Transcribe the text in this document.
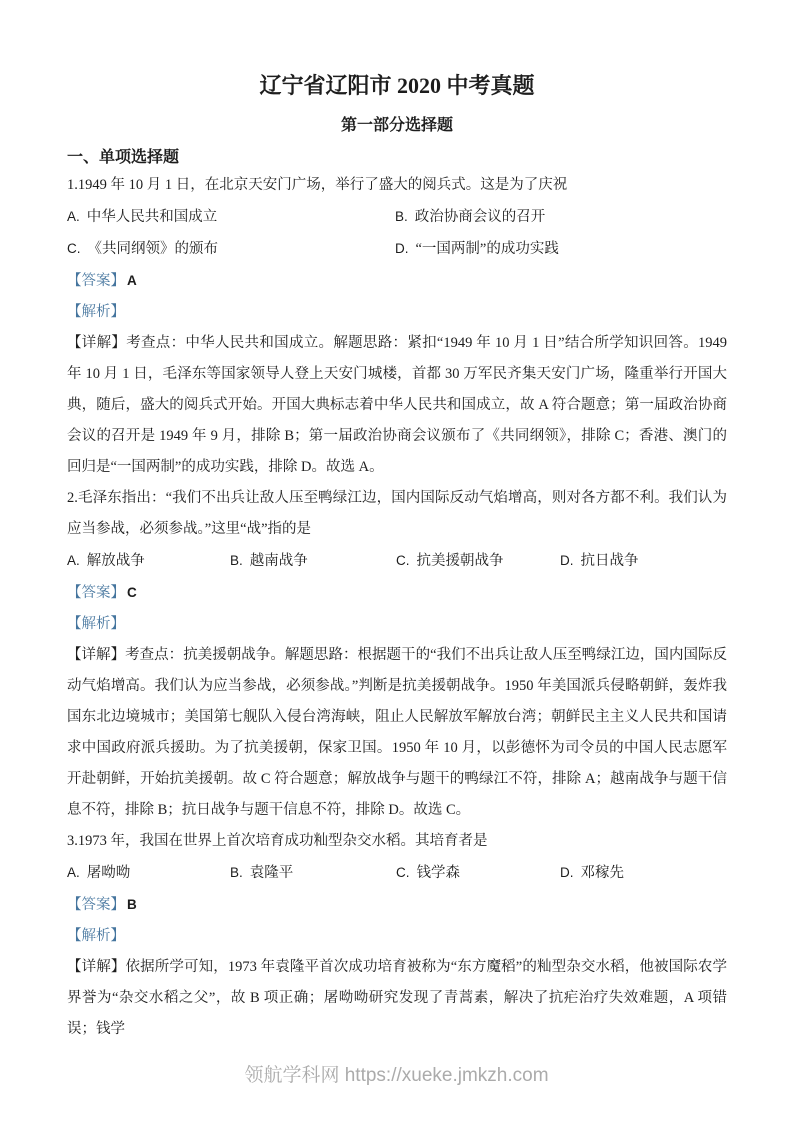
辽宁省辽阳市 2020 中考真题
第一部分选择题
一、单项选择题

1.1949 年 10 月 1 日，在北京天安门广场，举行了盛大的阅兵式。这是为了庆祝

A. 中华人民共和国成立	B. 政治协商会议的召开
C. 《共同纲领》的颁布	D. “一国两制”的成功实践
【答案】 A
【解析】

【详解】考查点：中华人民共和国成立。解题思路：紧扣“1949 年 10 月 1 日”结合所学知识回答。1949 年 10 月 1 日，毛泽东等国家领导人登上天安门城楼，首都 30 万军民齐集天安门广场，隆重举行开国大典，随后，盛大的阅兵式开始。开国大典标志着中华人民共和国成立，故 A 符合题意；第一届政治协商会议的召开是 1949 年 9 月，排除 B；第一届政治协商会议颁布了《共同纲领》，排除 C；香港、澳门的回归是“一国两制”的成功实践，排除 D。故选 A。

2.毛泽东指出：“我们不出兵让敌人压至鸭绿江边，国内国际反动气焰增高，则对各方都不利。我们认为应当参战，必须参战。”这里“战”指的是

A. 解放战争	B. 越南战争	C. 抗美援朝战争	D. 抗日战争
【答案】 C
【解析】

【详解】考查点：抗美援朝战争。解题思路：根据题干的“我们不出兵让敌人压至鸭绿江边，国内国际反动气焰增高。我们认为应当参战，必须参战。”判断是抗美援朝战争。1950 年美国派兵侵略朝鲜，轰炸我国东北边境城市；美国第七舰队入侵台湾海峡，阻止人民解放军解放台湾；朝鲜民主主义人民共和国请求中国政府派兵援助。为了抗美援朝，保家卫国。1950 年 10 月，以彭德怀为司令员的中国人民志愿军开赴朝鲜，开始抗美援朝。故 C 符合题意；解放战争与题干的鸭绿江不符，排除 A；越南战争与题干信息不符，排除 B；抗日战争与题干信息不符，排除 D。故选 C。

3.1973 年，我国在世界上首次培育成功籼型杂交水稻。其培育者是

A. 屠呦呦	B. 袁隆平	C. 钱学森	D. 邓稼先
【答案】 B
【解析】

【详解】依据所学可知，1973 年袁隆平首次成功培育被称为“东方魔稻”的籼型杂交水稻，他被国际农学界誉为“杂交水稻之父”，故 B 项正确；屠呦呦研究发现了青蒿素，解决了抗疟治疗失效难题，A 项错误；钱学

领航学科网 https://xueke.jmkzh.com
